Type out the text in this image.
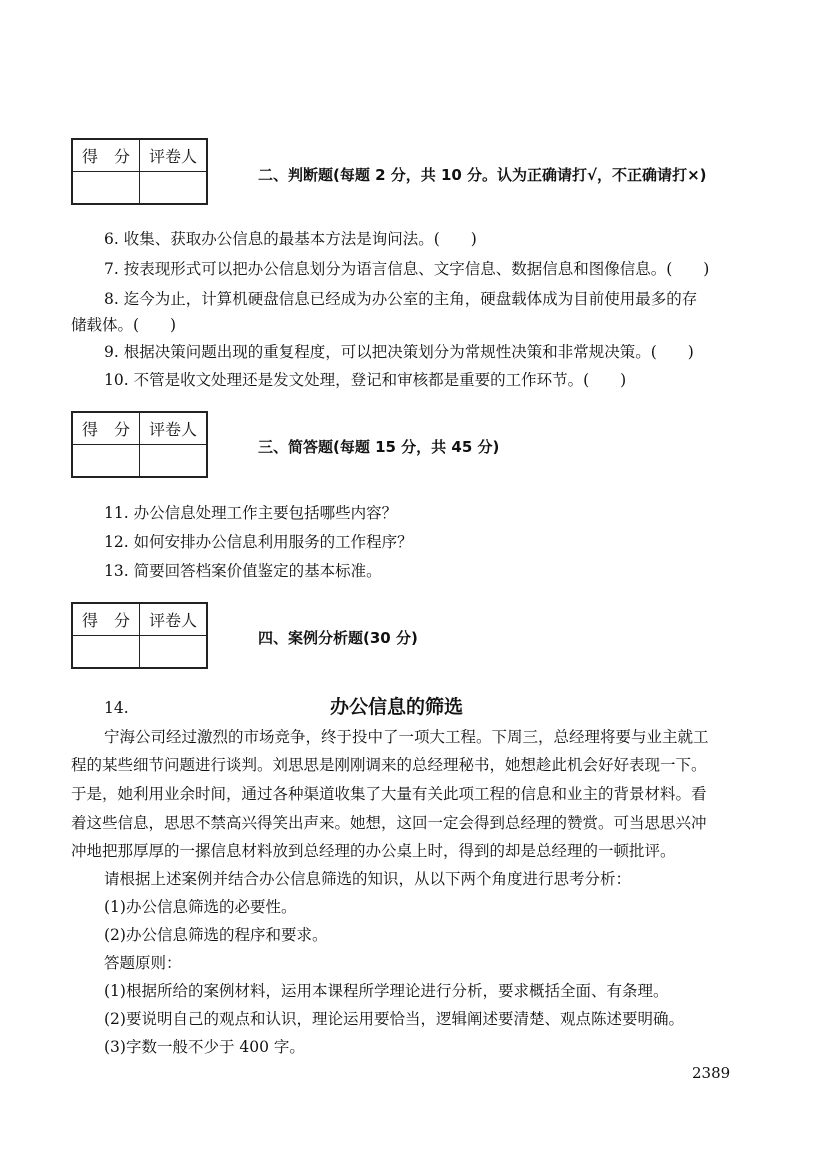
得　分	评卷人

二、判断题(每题 2 分，共 10 分。认为正确请打√，不正确请打×)
6. 收集、获取办公信息的最基本方法是询问法。(　　)
7. 按表现形式可以把办公信息划分为语言信息、文字信息、数据信息和图像信息。(　　)
8. 迄今为止，计算机硬盘信息已经成为办公室的主角，硬盘载体成为目前使用最多的存
储载体。(　　)
9. 根据决策问题出现的重复程度，可以把决策划分为常规性决策和非常规决策。(　　)
10. 不管是收文处理还是发文处理，登记和审核都是重要的工作环节。(　　)
得　分	评卷人

三、简答题(每题 15 分，共 45 分)
11. 办公信息处理工作主要包括哪些内容？
12. 如何安排办公信息利用服务的工作程序？
13. 简要回答档案价值鉴定的基本标准。
得　分	评卷人

四、案例分析题(30 分)
14.	办公信息的筛选
宁海公司经过激烈的市场竞争，终于投中了一项大工程。下周三，总经理将要与业主就工
程的某些细节问题进行谈判。刘思思是刚刚调来的总经理秘书，她想趁此机会好好表现一下。
于是，她利用业余时间，通过各种渠道收集了大量有关此项工程的信息和业主的背景材料。看
着这些信息，思思不禁高兴得笑出声来。她想，这回一定会得到总经理的赞赏。可当思思兴冲
冲地把那厚厚的一摞信息材料放到总经理的办公桌上时，得到的却是总经理的一顿批评。
请根据上述案例并结合办公信息筛选的知识，从以下两个角度进行思考分析：
(1)办公信息筛选的必要性。
(2)办公信息筛选的程序和要求。
答题原则：
(1)根据所给的案例材料，运用本课程所学理论进行分析，要求概括全面、有条理。
(2)要说明自己的观点和认识，理论运用要恰当，逻辑阐述要清楚、观点陈述要明确。
(3)字数一般不少于 400 字。
2389
